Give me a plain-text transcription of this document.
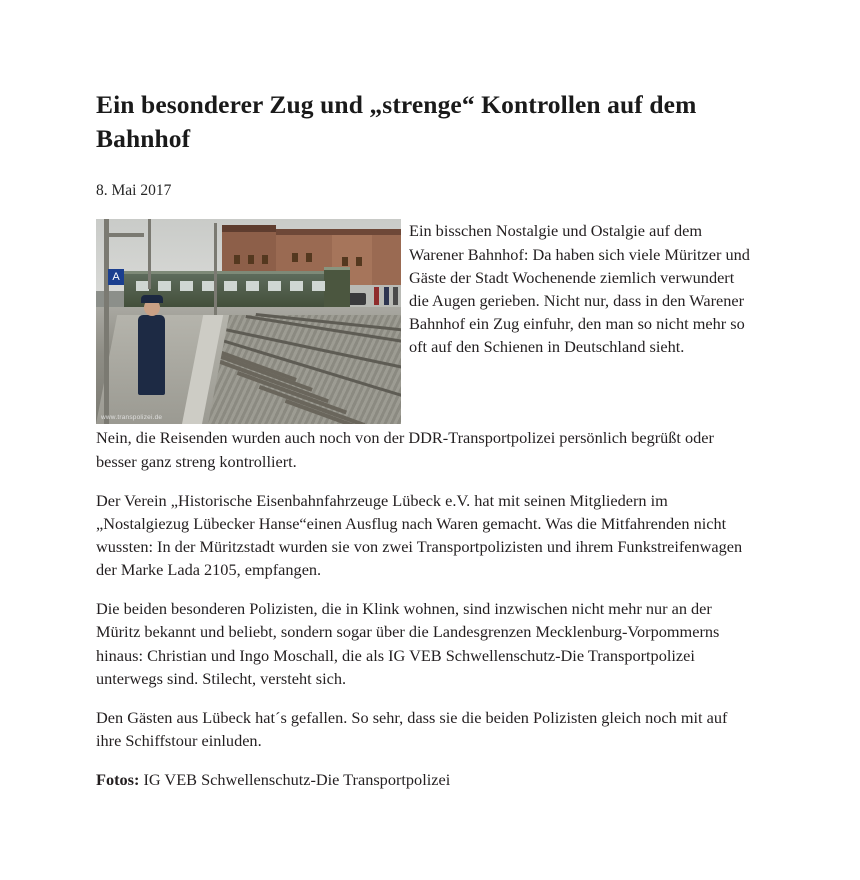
Ein besonderer Zug und „strenge“ Kontrollen auf dem Bahnhof

8. Mai 2017

A
www.transpolizei.de

Ein bisschen Nostalgie und Ostalgie auf dem Warener Bahnhof: Da haben sich viele Müritzer und Gäste der Stadt Wochenende ziemlich verwundert die Augen gerieben. Nicht nur, dass in den Warener Bahnhof ein Zug einfuhr, den man so nicht mehr so oft auf den Schienen in Deutschland sieht.

Nein, die Reisenden wurden auch noch von der DDR-Transportpolizei persönlich begrüßt oder besser ganz streng kontrolliert.

Der Verein „Historische Eisenbahnfahrzeuge Lübeck e.V. hat mit seinen Mitgliedern im „Nostalgiezug Lübecker Hanse“einen Ausflug nach Waren gemacht. Was die Mitfahrenden nicht wussten: In der Müritzstadt wurden sie von zwei Transportpolizisten und ihrem Funkstreifenwagen der Marke Lada 2105, empfangen.

Die beiden besonderen Polizisten, die in Klink wohnen, sind inzwischen nicht mehr nur an der Müritz bekannt und beliebt, sondern sogar über die Landesgrenzen Mecklenburg-Vorpommerns hinaus: Christian und Ingo Moschall, die als IG VEB Schwellenschutz-Die Transportpolizei unterwegs sind. Stilecht, versteht sich.

Den Gästen aus Lübeck hat´s gefallen. So sehr, dass sie die beiden Polizisten gleich noch mit auf ihre Schiffstour einluden.

Fotos: IG VEB Schwellenschutz-Die Transportpolizei
